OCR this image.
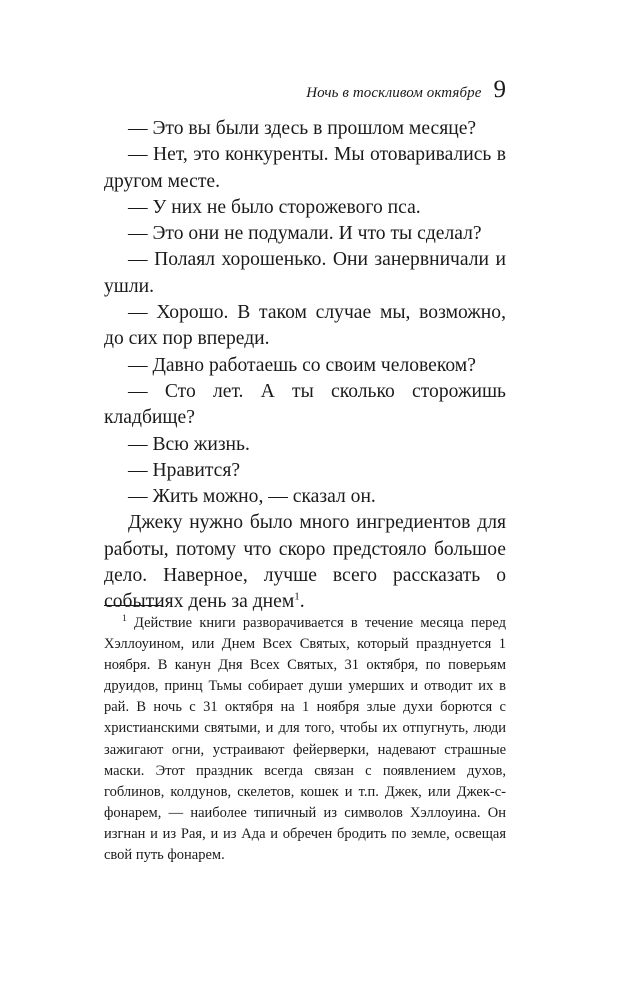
Ночь в тоскливом октябре 9

— Это вы были здесь в прошлом месяце?

— Нет, это конкуренты. Мы отоваривались в другом месте.

— У них не было сторожевого пса.

— Это они не подумали. И что ты сделал?

— Полаял хорошенько. Они занервничали и ушли.

— Хорошо. В таком случае мы, возможно, до сих пор впереди.

— Давно работаешь со своим человеком?

— Сто лет. А ты сколько сторожишь кладбище?

— Всю жизнь.

— Нравится?

— Жить можно, — сказал он.

Джеку нужно было много ингредиентов для работы, потому что скоро предстояло большое дело. Наверное, лучше всего рассказать о событиях день за днем$^1$.

$^1$ Действие книги разворачивается в течение месяца перед Хэллоуином, или Днем Всех Святых, который празднуется 1 ноября. В канун Дня Всех Святых, 31 октября, по поверьям друидов, принц Тьмы собирает души умерших и отводит их в рай. В ночь с 31 октября на 1 ноября злые духи борются с христианскими святыми, и для того, чтобы их отпугнуть, люди зажигают огни, устраивают фейерверки, надевают страшные маски. Этот праздник всегда связан с появлением духов, гоблинов, колдунов, скелетов, кошек и т.п. Джек, или Джек-с-фонарем, — наиболее типичный из символов Хэллоуина. Он изгнан и из Рая, и из Ада и обречен бродить по земле, освещая свой путь фонарем.
